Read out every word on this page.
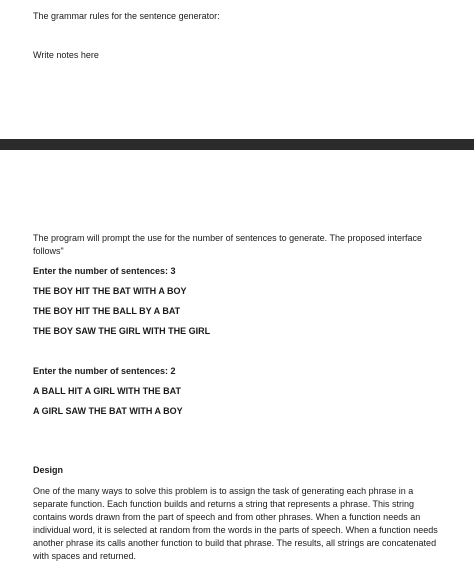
The grammar rules for the sentence generator:
Write notes here
The program will prompt the use for the number of sentences to generate. The proposed interface follows"
Enter the number of sentences: 3
THE BOY HIT THE BAT WITH A BOY
THE BOY HIT THE BALL BY A BAT
THE BOY SAW THE GIRL WITH THE GIRL
Enter the number of sentences: 2
A BALL HIT A GIRL WITH THE BAT
A GIRL SAW THE BAT WITH A BOY
Design
One of the many ways to solve this problem is to assign the task of generating each phrase in a separate function. Each function builds and returns a string that represents a phrase. This string contains words drawn from the part of speech and from other phrases. When a function needs an individual word, it is selected at random from the words in the parts of speech. When a function needs another phrase its calls another function to build that phrase. The results, all strings are concatenated with spaces and returned.
